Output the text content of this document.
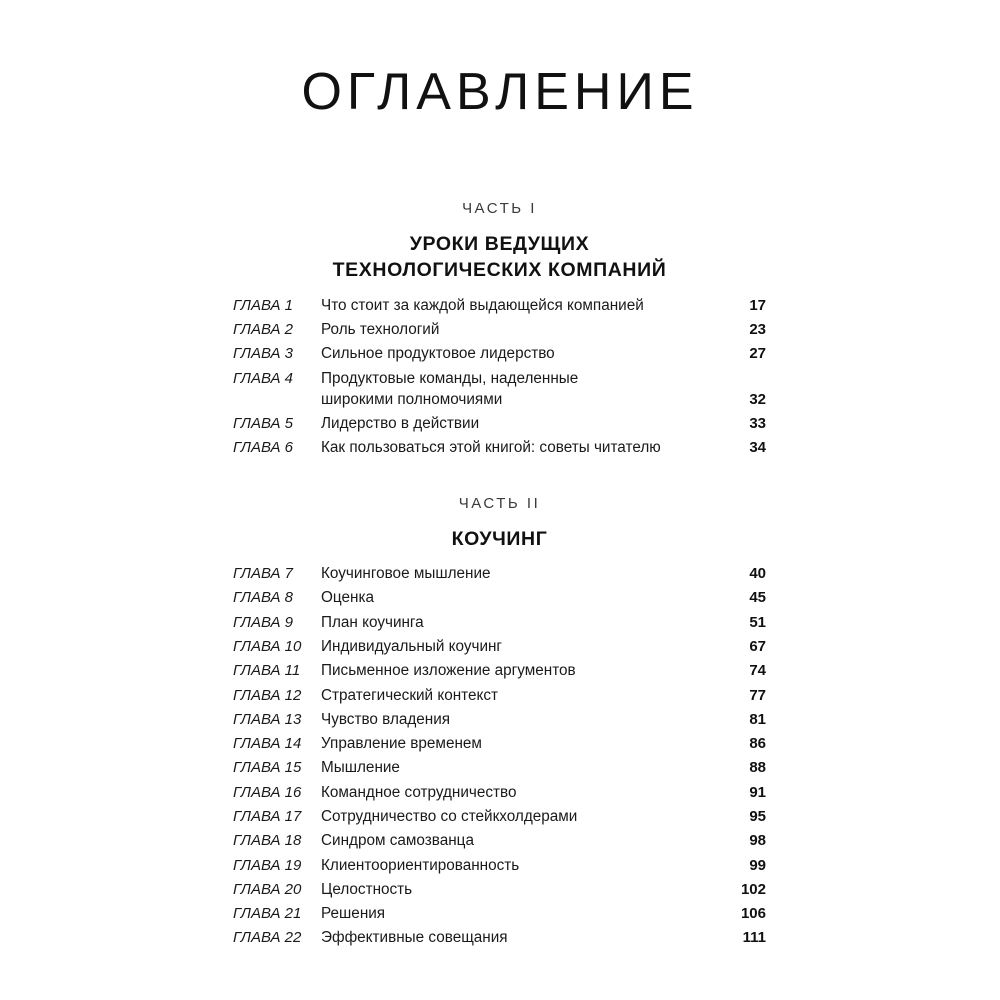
ОГЛАВЛЕНИЕ
ЧАСТЬ I
УРОКИ ВЕДУЩИХ
ТЕХНОЛОГИЧЕСКИХ КОМПАНИЙ
ГЛАВА 1	Что стоит за каждой выдающейся компанией	17
ГЛАВА 2	Роль технологий	23
ГЛАВА 3	Сильное продуктовое лидерство	27
ГЛАВА 4	Продуктовые команды, наделенные
широкими полномочиями	32
ГЛАВА 5	Лидерство в действии	33
ГЛАВА 6	Как пользоваться этой книгой: советы читателю	34
ЧАСТЬ II
КОУЧИНГ
ГЛАВА 7	Коучинговое мышление	40
ГЛАВА 8	Оценка	45
ГЛАВА 9	План коучинга	51
ГЛАВА 10	Индивидуальный коучинг	67
ГЛАВА 11	Письменное изложение аргументов	74
ГЛАВА 12	Стратегический контекст	77
ГЛАВА 13	Чувство владения	81
ГЛАВА 14	Управление временем	86
ГЛАВА 15	Мышление	88
ГЛАВА 16	Командное сотрудничество	91
ГЛАВА 17	Сотрудничество со стейкхолдерами	95
ГЛАВА 18	Синдром самозванца	98
ГЛАВА 19	Клиентоориентированность	99
ГЛАВА 20	Целостность	102
ГЛАВА 21	Решения	106
ГЛАВА 22	Эффективные совещания	111
